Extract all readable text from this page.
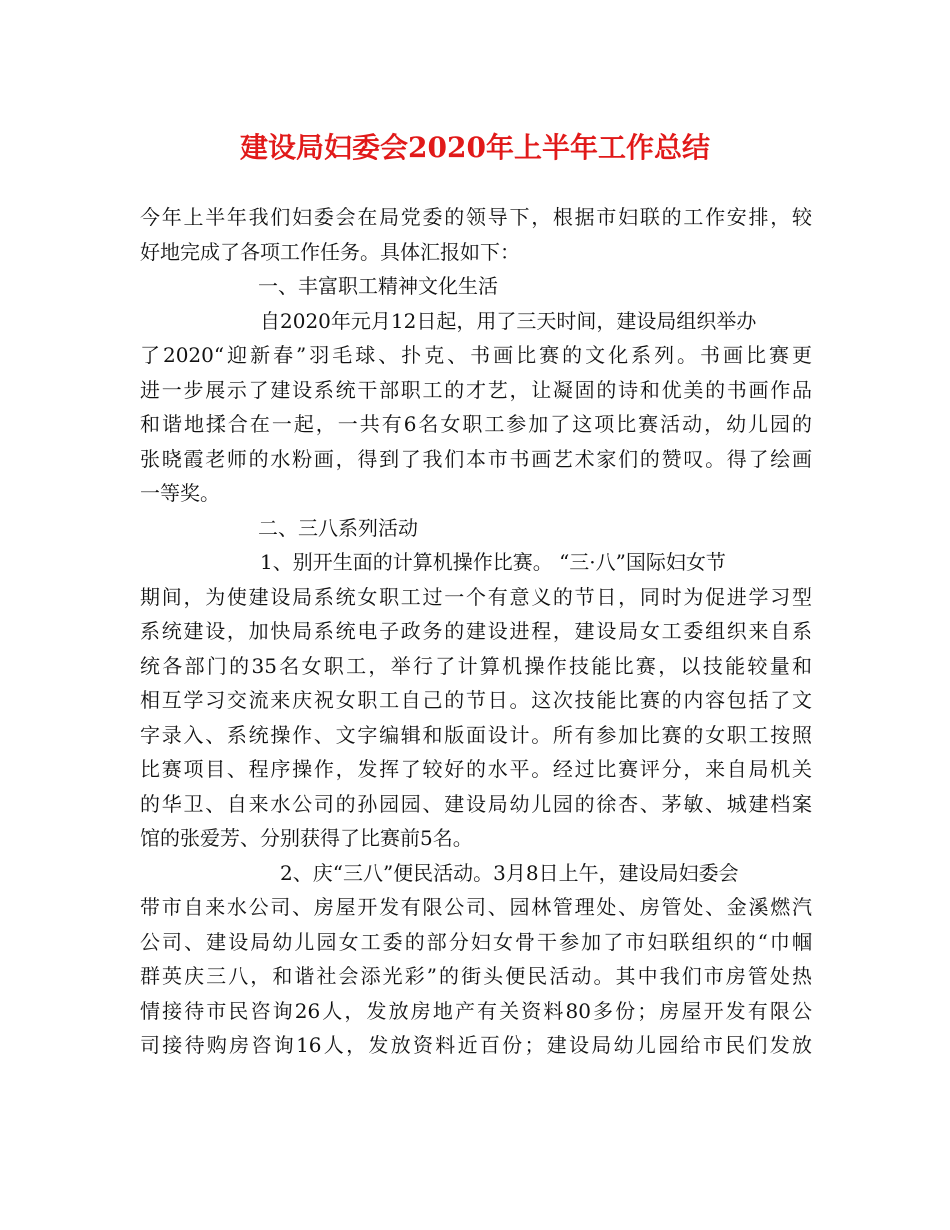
建设局妇委会2020年上半年工作总结
今年上半年我们妇委会在局党委的领导下，根据市妇联的工作安排，较
好地完成了各项工作任务。具体汇报如下：
一、丰富职工精神文化生活
自2020年元月12日起，用了三天时间，建设局组织举办
了2020“迎新春”羽毛球、扑克、书画比赛的文化系列。书画比赛更
进一步展示了建设系统干部职工的才艺，让凝固的诗和优美的书画作品
和谐地揉合在一起，一共有6名女职工参加了这项比赛活动，幼儿园的
张晓霞老师的水粉画，得到了我们本市书画艺术家们的赞叹。得了绘画
一等奖。
二、三八系列活动
1、别开生面的计算机操作比赛。 “三·八”国际妇女节
期间，为使建设局系统女职工过一个有意义的节日，同时为促进学习型
系统建设，加快局系统电子政务的建设进程，建设局女工委组织来自系
统各部门的35名女职工，举行了计算机操作技能比赛，以技能较量和
相互学习交流来庆祝女职工自己的节日。这次技能比赛的内容包括了文
字录入、系统操作、文字编辑和版面设计。所有参加比赛的女职工按照
比赛项目、程序操作，发挥了较好的水平。经过比赛评分，来自局机关
的华卫、自来水公司的孙园园、建设局幼儿园的徐杏、茅敏、城建档案
馆的张爱芳、分别获得了比赛前5名。
2、庆“三八”便民活动。3月8日上午，建设局妇委会
带市自来水公司、房屋开发有限公司、园林管理处、房管处、金溪燃汽
公司、建设局幼儿园女工委的部分妇女骨干参加了市妇联组织的“巾帼
群英庆三八，和谐社会添光彩”的街头便民活动。其中我们市房管处热
情接待市民咨询26人，发放房地产有关资料80多份；房屋开发有限公
司接待购房咨询16人，发放资料近百份；建设局幼儿园给市民们发放
